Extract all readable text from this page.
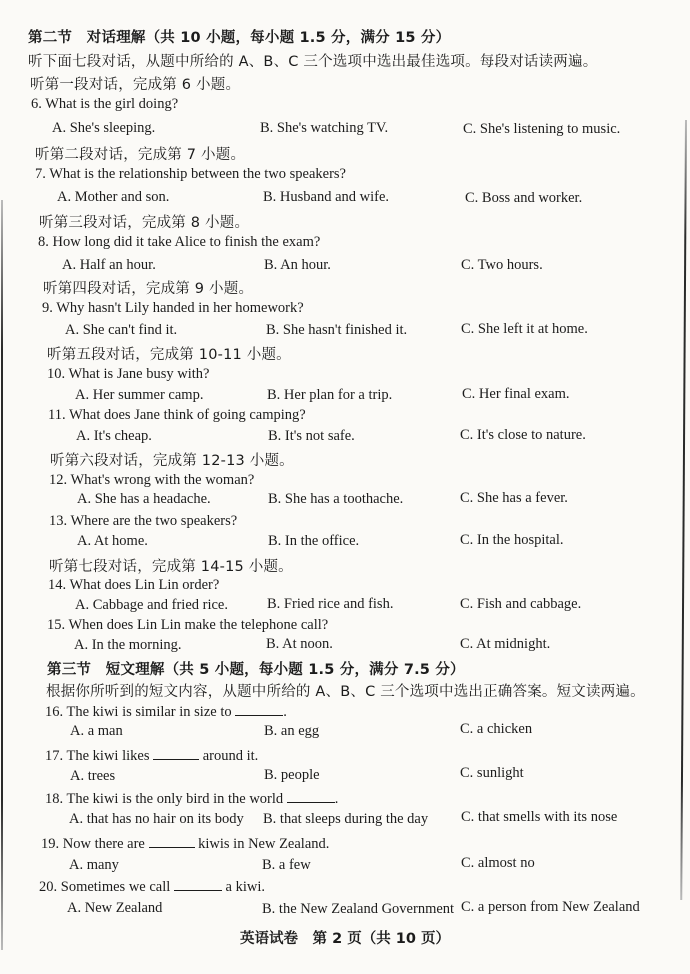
第二节　对话理解（共 10 小题，每小题 1.5 分，满分 15 分）
听下面七段对话，从题中所给的 A、B、C 三个选项中选出最佳选项。每段对话读两遍。
听第一段对话，完成第 6 小题。
6. What is the girl doing?
A. She's sleeping.	B. She's watching TV.	C. She's listening to music.
听第二段对话，完成第 7 小题。
7. What is the relationship between the two speakers?
A. Mother and son.	B. Husband and wife.	C. Boss and worker.
听第三段对话，完成第 8 小题。
8. How long did it take Alice to finish the exam?
A. Half an hour.	B. An hour.	C. Two hours.
听第四段对话，完成第 9 小题。
9. Why hasn't Lily handed in her homework?
A. She can't find it.	B. She hasn't finished it.	C. She left it at home.
听第五段对话，完成第 10-11 小题。
10. What is Jane busy with?
A. Her summer camp.	B. Her plan for a trip.	C. Her final exam.
11. What does Jane think of going camping?
A. It's cheap.	B. It's not safe.	C. It's close to nature.
听第六段对话，完成第 12-13 小题。
12. What's wrong with the woman?
A. She has a headache.	B. She has a toothache.	C. She has a fever.
13. Where are the two speakers?
A. At home.	B. In the office.	C. In the hospital.
听第七段对话，完成第 14-15 小题。
14. What does Lin Lin order?
A. Cabbage and fried rice.	B. Fried rice and fish.	C. Fish and cabbage.
15. When does Lin Lin make the telephone call?
A. In the morning.	B. At noon.	C. At midnight.
第三节　短文理解（共 5 小题，每小题 1.5 分，满分 7.5 分）
根据你所听到的短文内容，从题中所给的 A、B、C 三个选项中选出正确答案。短文读两遍。
16. The kiwi is similar in size to	.
A. a man	B. an egg	C. a chicken
17. The kiwi likes	around it.
A. trees	B. people	C. sunlight
18. The kiwi is the only bird in the world	.
A. that has no hair on its body B. that sleeps during the day C. that smells with its nose
19. Now there are	kiwis in New Zealand.
A. many	B. a few	C. almost no
20. Sometimes we call	a kiwi.
A. New Zealand	B. the New Zealand Government C. a person from New Zealand
英语试卷　第 2 页（共 10 页）
